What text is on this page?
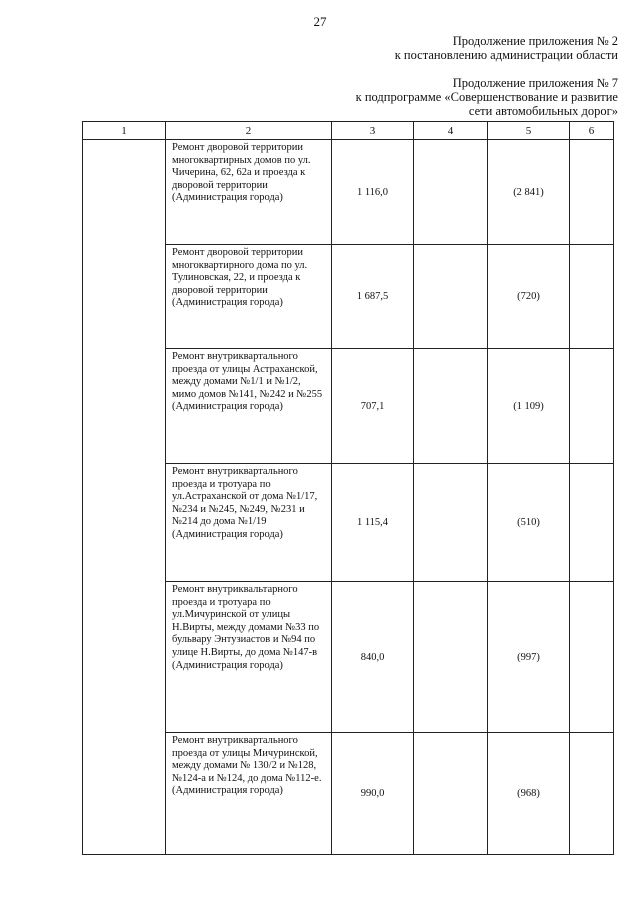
27
Продолжение приложения № 2
к постановлению администрации области
Продолжение приложения № 7
к подпрограмме «Совершенствование и развитие
сети автомобильных дорог»
1	2	3	4	5	6
	Ремонт дворовой территории многоквартирных домов по ул. Чичерина, 62, 62а и проезда к дворовой территории (Администрация города)	1 116,0		(2 841)	
	Ремонт дворовой территории многоквартирного дома по ул. Тулиновская, 22, и проезда к дворовой территории (Администрация города)	1 687,5		(720)	
	Ремонт внутриквартального проезда от улицы Астраханской, между домами №1/1 и №1/2, мимо домов №141, №242 и №255 (Администрация города)	707,1		(1 109)	
	Ремонт внутриквартального проезда и тротуара по ул.Астраханской от дома №1/17, №234 и №245, №249, №231 и №214 до дома №1/19 (Администрация города)	1 115,4		(510)	
	Ремонт внутриквальтарного проезда и тротуара по ул.Мичуринской от улицы Н.Вирты, между домами №33 по бульвару Энтузиастов и №94 по улице Н.Вирты, до дома №147-в (Администрация города)	840,0		(997)	
	Ремонт внутриквартального проезда от улицы Мичуринской, между домами № 130/2 и №128, №124-а и №124, до дома №112-е. (Администрация города)	990,0		(968)	
